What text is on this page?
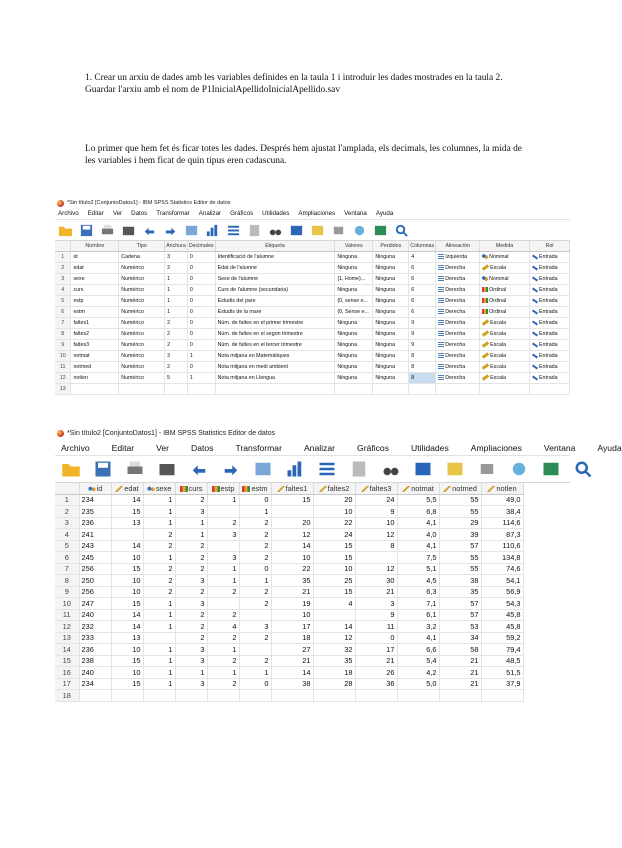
1. Crear un arxiu de dades amb les variables definides en la taula 1 i introduir les dades mostrades en la taula 2. Guardar l'arxiu amb el nom de P1InicialApellidoInicialApellido.sav

Lo primer que hem fet és ficar totes les dades. Després hem ajustat l'amplada, els decimals, les columnes, la mida de les variables i hem ficat de quin tipus eren cadascuna.

*Sin título2 [ConjuntoDatos1] - IBM SPSS Statistics Editor de datos
Archivo Editar Ver Datos Transformar Analizar Gráficos Utilidades Ampliaciones Ventana Ayuda
	Nombre	Tipo	Anchura	Decimales	Etiqueta	Valores	Perdidos	Columnas	Alineación	Medida	Rol
1	id	Cadena	3	0	Identificació de l'alumne	Ninguna	Ninguna	4	Izquierda	Nominal	Entrada
2	edat	Numérico	2	0	Edat de l'alumne	Ninguna	Ninguna	6	Derecha	Escala	Entrada
3	sexe	Numérico	1	0	Sexe de l'alumne	{1, Home}...	Ninguna	6	Derecha	Nominal	Entrada
4	curs	Numérico	1	0	Curs de l'alumne (secundaria)	Ninguna	Ninguna	6	Derecha	Ordinal	Entrada
5	estp	Numérico	1	0	Estudis del pare	{0, sense e...	Ninguna	6	Derecha	Ordinal	Entrada
6	estm	Numérico	1	0	Estudis de la mare	{0, Sense e...	Ninguna	6	Derecha	Ordinal	Entrada
7	faltes1	Numérico	2	0	Núm. de faltes en el primer trimestre	Ninguna	Ninguna	9	Derecha	Escala	Entrada
8	faltes2	Numérico	2	0	Núm. de faltes en el segon trimestre	Ninguna	Ninguna	9	Derecha	Escala	Entrada
9	faltes3	Numérico	2	0	Núm. de faltes en el tercer trimestre	Ninguna	Ninguna	9	Derecha	Escala	Entrada
10	notmat	Numérico	3	1	Nota mitjana en Matemàtiques	Ninguna	Ninguna	8	Derecha	Escala	Entrada
11	notmed	Numérico	2	0	Nota mitjana en medi ambient	Ninguna	Ninguna	8	Derecha	Escala	Entrada
12	notlen	Numérico	5	1	Nota mitjana en Llengua	Ninguna	Ninguna	8	Derecha	Escala	Entrada
13											
*Sin título2 [ConjuntoDatos1] - IBM SPSS Statistics Editor de datos
Archivo	Editar	Ver	Datos	Transformar	Analizar	Gráficos	Utilidades	Ampliaciones	Ventana	Ayuda
	id	edat	sexe	curs	estp	estm	faltes1	faltes2	faltes3	notmat	notmed	notlen
1	234	14	1	2	1	0	15	20	24	5,5	55	49,0
2	235	15	1	3		1		10	9	6,8	55	38,4
3	236	13	1	1	2	2	20	22	10	4,1	29	114,6
4	241		2	1	3	2	12	24	12	4,0	39	87,3
5	243	14	2	2		2	14	15	8	4,1	57	110,6
6	245	10	1	2	3	2	10	15		7,5	55	134,8
7	256	15	2	2	1	0	22	10	12	5,1	55	74,6
8	250	10	2	3	1	1	35	25	30	4,5	38	54,1
9	256	10	2	2	2	2	21	15	21	6,3	35	56,9
10	247	15	1	3		2	19	4	3	7,1	57	54,3
11	240	14	1	2	2		10		9	6,1	57	45,8
12	232	14	1	2	4	3	17	14	11	3,2	53	45,8
13	233	13		2	2	2	18	12	0	4,1	34	59,2
14	236	10	1	3	1		27	32	17	6,6	58	79,4
15	238	15	1	3	2	2	21	35	21	5,4	21	48,5
16	240	10	1	1	1	1	14	18	26	4,2	21	51,5
17	234	15	1	3	2	0	38	28	36	5,0	21	37,9
18												
